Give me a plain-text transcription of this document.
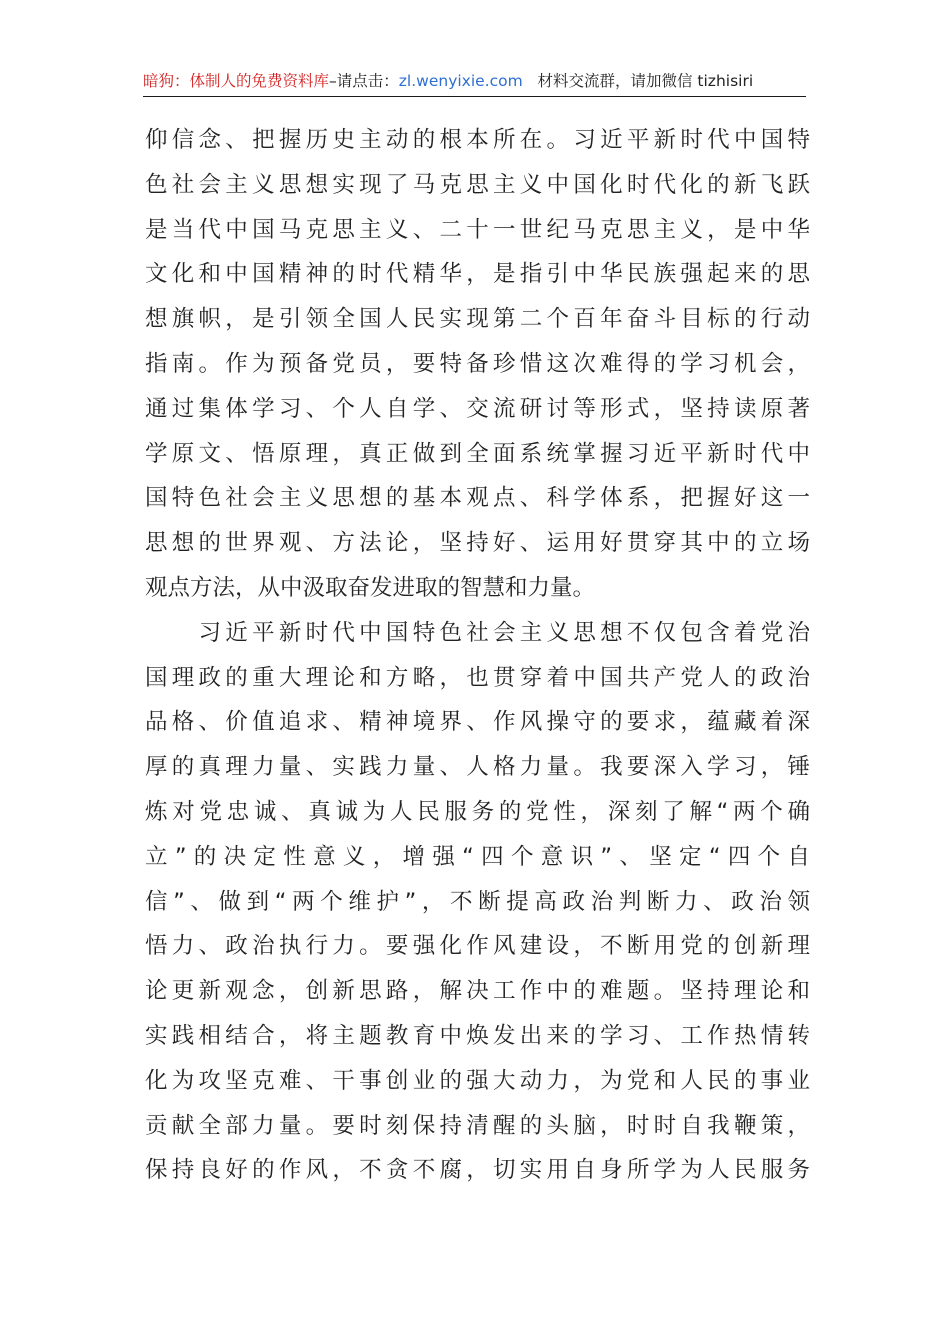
暗狗：体制人的免费资料库–请点击：zl.wenyixie.com 材料交流群，请加微信 tizhisiri
仰信念、把握历史主动的根本所在。习近平新时代中国特
色社会主义思想实现了马克思主义中国化时代化的新飞跃
是当代中国马克思主义、二十一世纪马克思主义，是中华
文化和中国精神的时代精华，是指引中华民族强起来的思
想旗帜，是引领全国人民实现第二个百年奋斗目标的行动
指南。作为预备党员，要特备珍惜这次难得的学习机会，
通过集体学习、个人自学、交流研讨等形式，坚持读原著
学原文、悟原理，真正做到全面系统掌握习近平新时代中
国特色社会主义思想的基本观点、科学体系，把握好这一
思想的世界观、方法论，坚持好、运用好贯穿其中的立场
观点方法，从中汲取奋发进取的智慧和力量。
　　习近平新时代中国特色社会主义思想不仅包含着党治
国理政的重大理论和方略，也贯穿着中国共产党人的政治
品格、价值追求、精神境界、作风操守的要求，蕴藏着深
厚的真理力量、实践力量、人格力量。我要深入学习，锤
炼对党忠诚、真诚为人民服务的党性，深刻了解“两个确
立”的决定性意义，增强“四个意识”、坚定“四个自
信”、做到“两个维护”，不断提高政治判断力、政治领
悟力、政治执行力。要强化作风建设，不断用党的创新理
论更新观念，创新思路，解决工作中的难题。坚持理论和
实践相结合，将主题教育中焕发出来的学习、工作热情转
化为攻坚克难、干事创业的强大动力，为党和人民的事业
贡献全部力量。要时刻保持清醒的头脑，时时自我鞭策，
保持良好的作风，不贪不腐，切实用自身所学为人民服务
